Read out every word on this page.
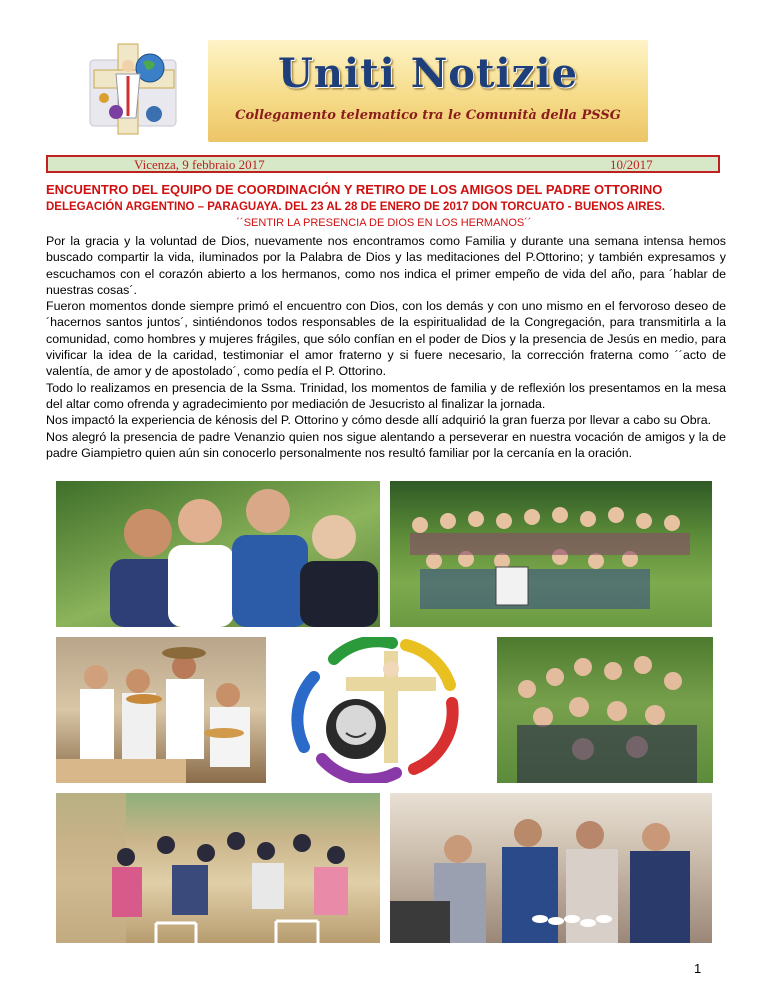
Uniti Notizie
Collegamento telematico tra le Comunità della PSSG
Vicenza, 9 febbraio 2017	10/2017
ENCUENTRO DEL EQUIPO DE COORDINACIÓN Y RETIRO DE LOS AMIGOS DEL PADRE OTTORINO
DELEGACIÓN ARGENTINO – PARAGUAYA. DEL 23 AL 28 DE ENERO DE 2017 DON TORCUATO - BUENOS AIRES.
´´SENTIR LA PRESENCIA DE DIOS EN LOS HERMANOS´´

Por la gracia y la voluntad de Dios, nuevamente nos encontramos como Familia y durante una semana intensa hemos buscado compartir la vida, iluminados por la Palabra de Dios y las meditaciones del P.Ottorino; y también expresamos y escuchamos con el corazón abierto a los hermanos, como nos indica el primer empeño de vida del año, para ´hablar de nuestras cosas´.

Fueron momentos donde siempre primó el encuentro con Dios, con los demás y con uno mismo en el fervoroso deseo de ´hacernos santos juntos´, sintiéndonos todos responsables de la espiritualidad de la Congregación, para transmitirla a la comunidad, como hombres y mujeres frágiles, que sólo confían en el poder de Dios y la presencia de Jesús en medio, para vivificar la idea de la caridad, testimoniar el amor fraterno y si fuere necesario, la corrección fraterna como ´´acto de valentía, de amor y de apostolado´, como pedía el P. Ottorino.

Todo lo realizamos en presencia de la Ssma. Trinidad, los momentos de familia y de reflexión los presentamos en la mesa del altar como ofrenda y agradecimiento por mediación de Jesucristo al finalizar la jornada.

Nos impactó la experiencia de kénosis del P. Ottorino y cómo desde allí adquirió la gran fuerza por llevar a cabo su Obra.

Nos alegró la presencia de padre Venanzio quien nos sigue alentando a perseverar en nuestra vocación de amigos y la de padre Giampietro quien aún sin conocerlo personalmente nos resultó familiar por la cercanía en la oración.

1
